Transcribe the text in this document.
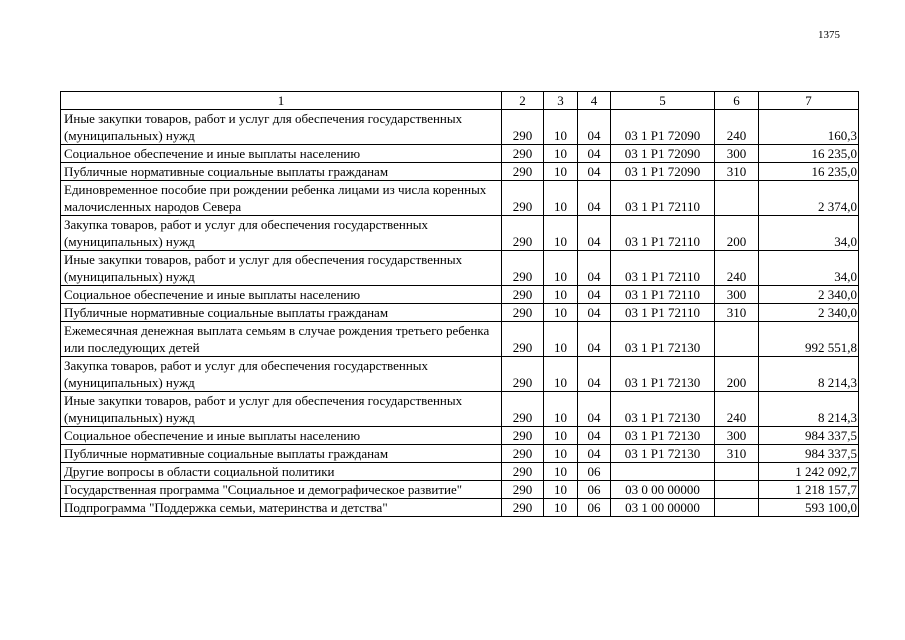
1375
1	2	3	4	5	6	7
Иные закупки товаров, работ и услуг для обеспечения государственных (муниципальных) нужд	290	10	04	03 1 P1 72090	240	160,3
Социальное обеспечение и иные выплаты населению	290	10	04	03 1 P1 72090	300	16 235,0
Публичные нормативные социальные выплаты гражданам	290	10	04	03 1 P1 72090	310	16 235,0
Единовременное пособие при рождении ребенка лицами из числа коренных малочисленных народов Севера	290	10	04	03 1 P1 72110		2 374,0
Закупка товаров, работ и услуг для обеспечения государственных (муниципальных) нужд	290	10	04	03 1 P1 72110	200	34,0
Иные закупки товаров, работ и услуг для обеспечения государственных (муниципальных) нужд	290	10	04	03 1 P1 72110	240	34,0
Социальное обеспечение и иные выплаты населению	290	10	04	03 1 P1 72110	300	2 340,0
Публичные нормативные социальные выплаты гражданам	290	10	04	03 1 P1 72110	310	2 340,0
Ежемесячная денежная выплата семьям в случае рождения третьего ребенка или последующих детей	290	10	04	03 1 P1 72130		992 551,8
Закупка товаров, работ и услуг для обеспечения государственных (муниципальных) нужд	290	10	04	03 1 P1 72130	200	8 214,3
Иные закупки товаров, работ и услуг для обеспечения государственных (муниципальных) нужд	290	10	04	03 1 P1 72130	240	8 214,3
Социальное обеспечение и иные выплаты населению	290	10	04	03 1 P1 72130	300	984 337,5
Публичные нормативные социальные выплаты гражданам	290	10	04	03 1 P1 72130	310	984 337,5
Другие вопросы в области социальной политики	290	10	06			1 242 092,7
Государственная программа "Социальное и демографическое развитие"	290	10	06	03 0 00 00000		1 218 157,7
Подпрограмма "Поддержка семьи, материнства и детства"	290	10	06	03 1 00 00000		593 100,0
